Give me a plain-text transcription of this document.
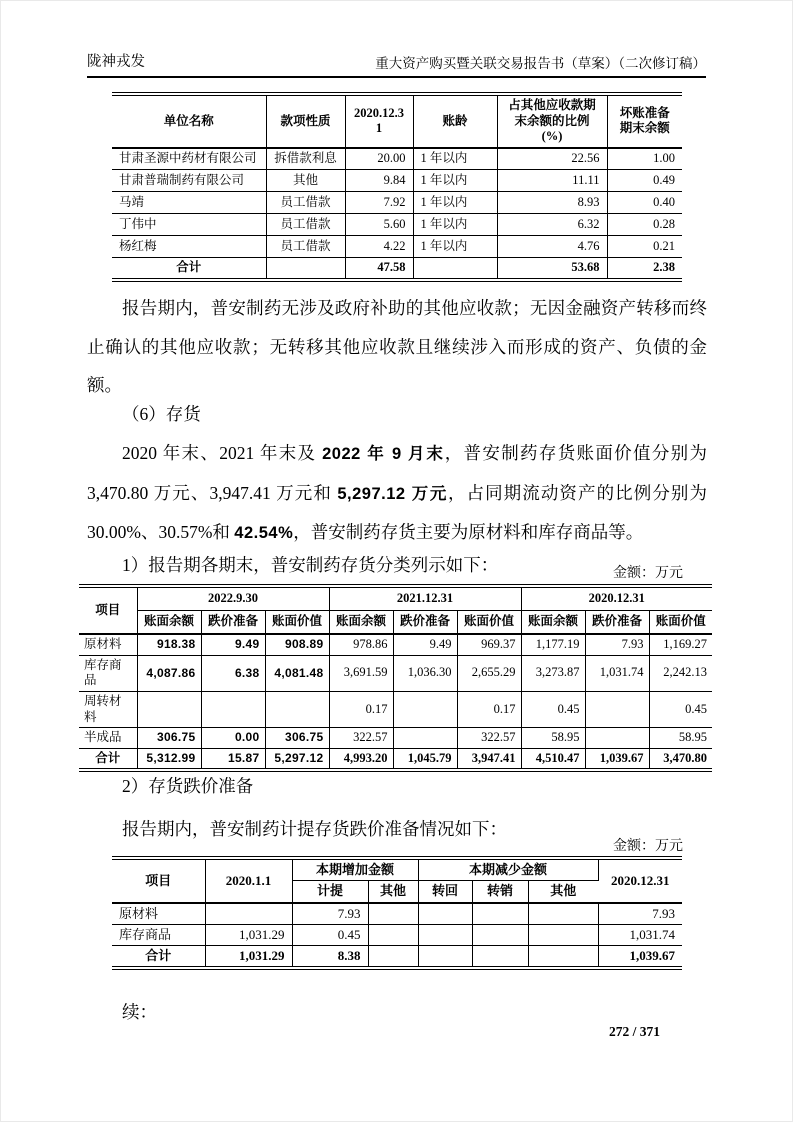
陇神戎发	重大资产购买暨关联交易报告书（草案）（二次修订稿）
单位名称	款项性质	2020.12.31	账龄	占其他应收款期末余额的比例(%)	坏账准备期末余额
甘肃圣源中药材有限公司	拆借款利息	20.00	1 年以内	22.56	1.00
甘肃普瑞制药有限公司	其他	9.84	1 年以内	11.11	0.49
马靖	员工借款	7.92	1 年以内	8.93	0.40
丁伟中	员工借款	5.60	1 年以内	6.32	0.28
杨红梅	员工借款	4.22	1 年以内	4.76	0.21
合计		47.58		53.68	2.38

报告期内，普安制药无涉及政府补助的其他应收款；无因金融资产转移而终止确认的其他应收款；无转移其他应收款且继续涉入而形成的资产、负债的金额。

（6）存货

2020 年末、2021 年末及 2022 年 9 月末，普安制药存货账面价值分别为 3,470.80 万元、3,947.41 万元和 5,297.12 万元，占同期流动资产的比例分别为 30.00%、30.57%和 42.54%，普安制药存货主要为原材料和库存商品等。

1）报告期各期末，普安制药存货分类列示如下：	金额：万元
项目	2022.9.30			2021.12.31			2020.12.31		
	账面余额	跌价准备	账面价值	账面余额	跌价准备	账面价值	账面余额	跌价准备	账面价值
原材料	918.38	9.49	908.89	978.86	9.49	969.37	1,177.19	7.93	1,169.27
库存商品	4,087.86	6.38	4,081.48	3,691.59	1,036.30	2,655.29	3,273.87	1,031.74	2,242.13
周转材料				0.17		0.17	0.45		0.45
半成品	306.75	0.00	306.75	322.57		322.57	58.95		58.95
合计	5,312.99	15.87	5,297.12	4,993.20	1,045.79	3,947.41	4,510.47	1,039.67	3,470.80

2）存货跌价准备

报告期内，普安制药计提存货跌价准备情况如下：

金额：万元
项目	2020.1.1	本期增加金额		本期减少金额			2020.12.31
		计提	其他	转回	转销	其他	
原材料		7.93					7.93
库存商品	1,031.29	0.45					1,031.74
合计	1,031.29	8.38					1,039.67

续：

272 / 371
